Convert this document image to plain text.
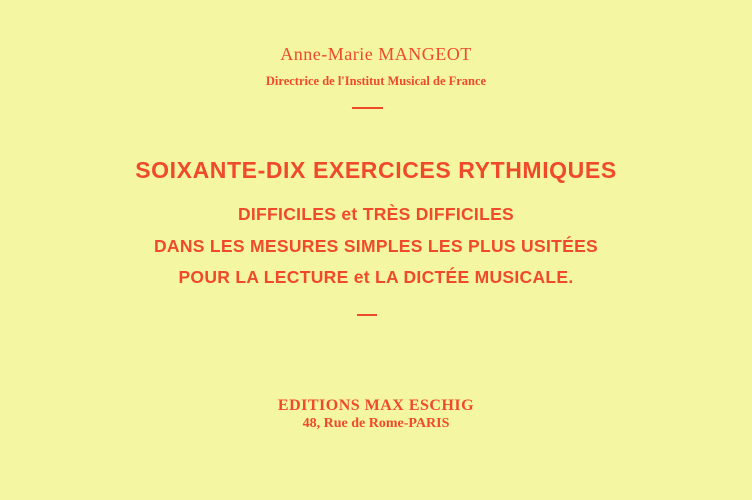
Anne-Marie MANGEOT
Directrice de l'Institut Musical de France
SOIXANTE-DIX EXERCICES RYTHMIQUES
DIFFICILES et TRÈS DIFFICILES
DANS LES MESURES SIMPLES LES PLUS USITÉES
POUR LA LECTURE et LA DICTÉE MUSICALE.
EDITIONS MAX ESCHIG
48, Rue de Rome-PARIS
